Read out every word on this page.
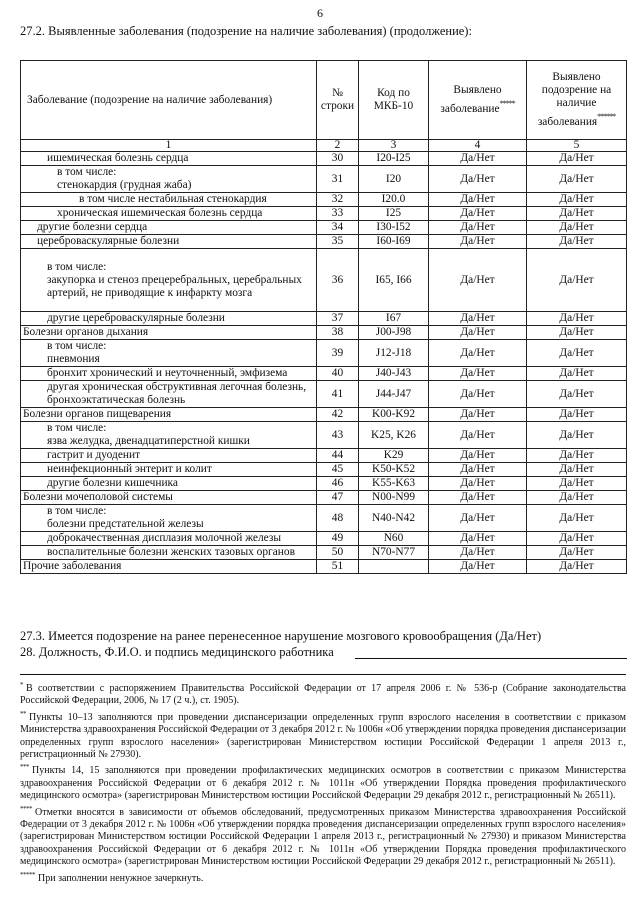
6
27.2. Выявленные заболевания (подозрение на наличие заболевания) (продолжение):
Заболевание (подозрение на наличие заболевания)	№ строки	Код по МКБ-10	Выявлено заболевание*****	Выявлено подозрение на наличие заболевания******
1	2	3	4	5
ишемическая болезнь сердца	30	I20-I25	Да/Нет	Да/Нет
в том числе:
стенокардия (грудная жаба)	31	I20	Да/Нет	Да/Нет
в том числе нестабильная стенокардия	32	I20.0	Да/Нет	Да/Нет
хроническая ишемическая болезнь сердца	33	I25	Да/Нет	Да/Нет
другие болезни сердца	34	I30-I52	Да/Нет	Да/Нет
цереброваскулярные болезни	35	I60-I69	Да/Нет	Да/Нет
в том числе:
закупорка и стеноз прецеребральных, церебральных артерий, не приводящие к инфаркту мозга	36	I65, I66	Да/Нет	Да/Нет
другие цереброваскулярные болезни	37	I67	Да/Нет	Да/Нет
Болезни органов дыхания	38	J00-J98	Да/Нет	Да/Нет
в том числе:
пневмония	39	J12-J18	Да/Нет	Да/Нет
бронхит хронический и неуточненный, эмфизема	40	J40-J43	Да/Нет	Да/Нет
другая хроническая обструктивная легочная болезнь, бронхоэктатическая болезнь	41	J44-J47	Да/Нет	Да/Нет
Болезни органов пищеварения	42	K00-K92	Да/Нет	Да/Нет
в том числе:
язва желудка, двенадцатиперстной кишки	43	K25, K26	Да/Нет	Да/Нет
гастрит и дуоденит	44	K29	Да/Нет	Да/Нет
неинфекционный энтерит и колит	45	K50-K52	Да/Нет	Да/Нет
другие болезни кишечника	46	K55-K63	Да/Нет	Да/Нет
Болезни мочеполовой системы	47	N00-N99	Да/Нет	Да/Нет
в том числе:
болезни предстательной железы	48	N40-N42	Да/Нет	Да/Нет
доброкачественная дисплазия молочной железы	49	N60	Да/Нет	Да/Нет
воспалительные болезни женских тазовых органов	50	N70-N77	Да/Нет	Да/Нет
Прочие заболевания	51		Да/Нет	Да/Нет
27.3. Имеется подозрение на ранее перенесенное нарушение мозгового кровообращения (Да/Нет)
28. Должность, Ф.И.О. и подпись медицинского работника

* В соответствии с распоряжением Правительства Российской Федерации от 17 апреля 2006 г. № 536-р (Собрание законодательства Российской Федерации, 2006, № 17 (2 ч.), ст. 1905).

** Пункты 10–13 заполняются при проведении диспансеризации определенных групп взрослого населения в соответствии с приказом Министерства здравоохранения Российской Федерации от 3 декабря 2012 г. № 1006н «Об утверждении порядка проведения диспансеризации определенных групп взрослого населения» (зарегистрирован Министерством юстиции Российской Федерации 1 апреля 2013 г., регистрационный № 27930).

*** Пункты 14, 15 заполняются при проведении профилактических медицинских осмотров в соответствии с приказом Министерства здравоохранения Российской Федерации от 6 декабря 2012 г. № 1011н «Об утверждении Порядка проведения профилактического медицинского осмотра» (зарегистрирован Министерством юстиции Российской Федерации 29 декабря 2012 г., регистрационный № 26511).

**** Отметки вносятся в зависимости от объемов обследований, предусмотренных приказом Министерства здравоохранения Российской Федерации от 3 декабря 2012 г. № 1006н «Об утверждении порядка проведения диспансеризации определенных групп взрослого населения» (зарегистрирован Министерством юстиции Российской Федерации 1 апреля 2013 г., регистрационный № 27930) и приказом Министерства здравоохранения Российской Федерации от 6 декабря 2012 г. № 1011н «Об утверждении Порядка проведения профилактического медицинского осмотра» (зарегистрирован Министерством юстиции Российской Федерации 29 декабря 2012 г., регистрационный № 26511).

***** При заполнении ненужное зачеркнуть.
